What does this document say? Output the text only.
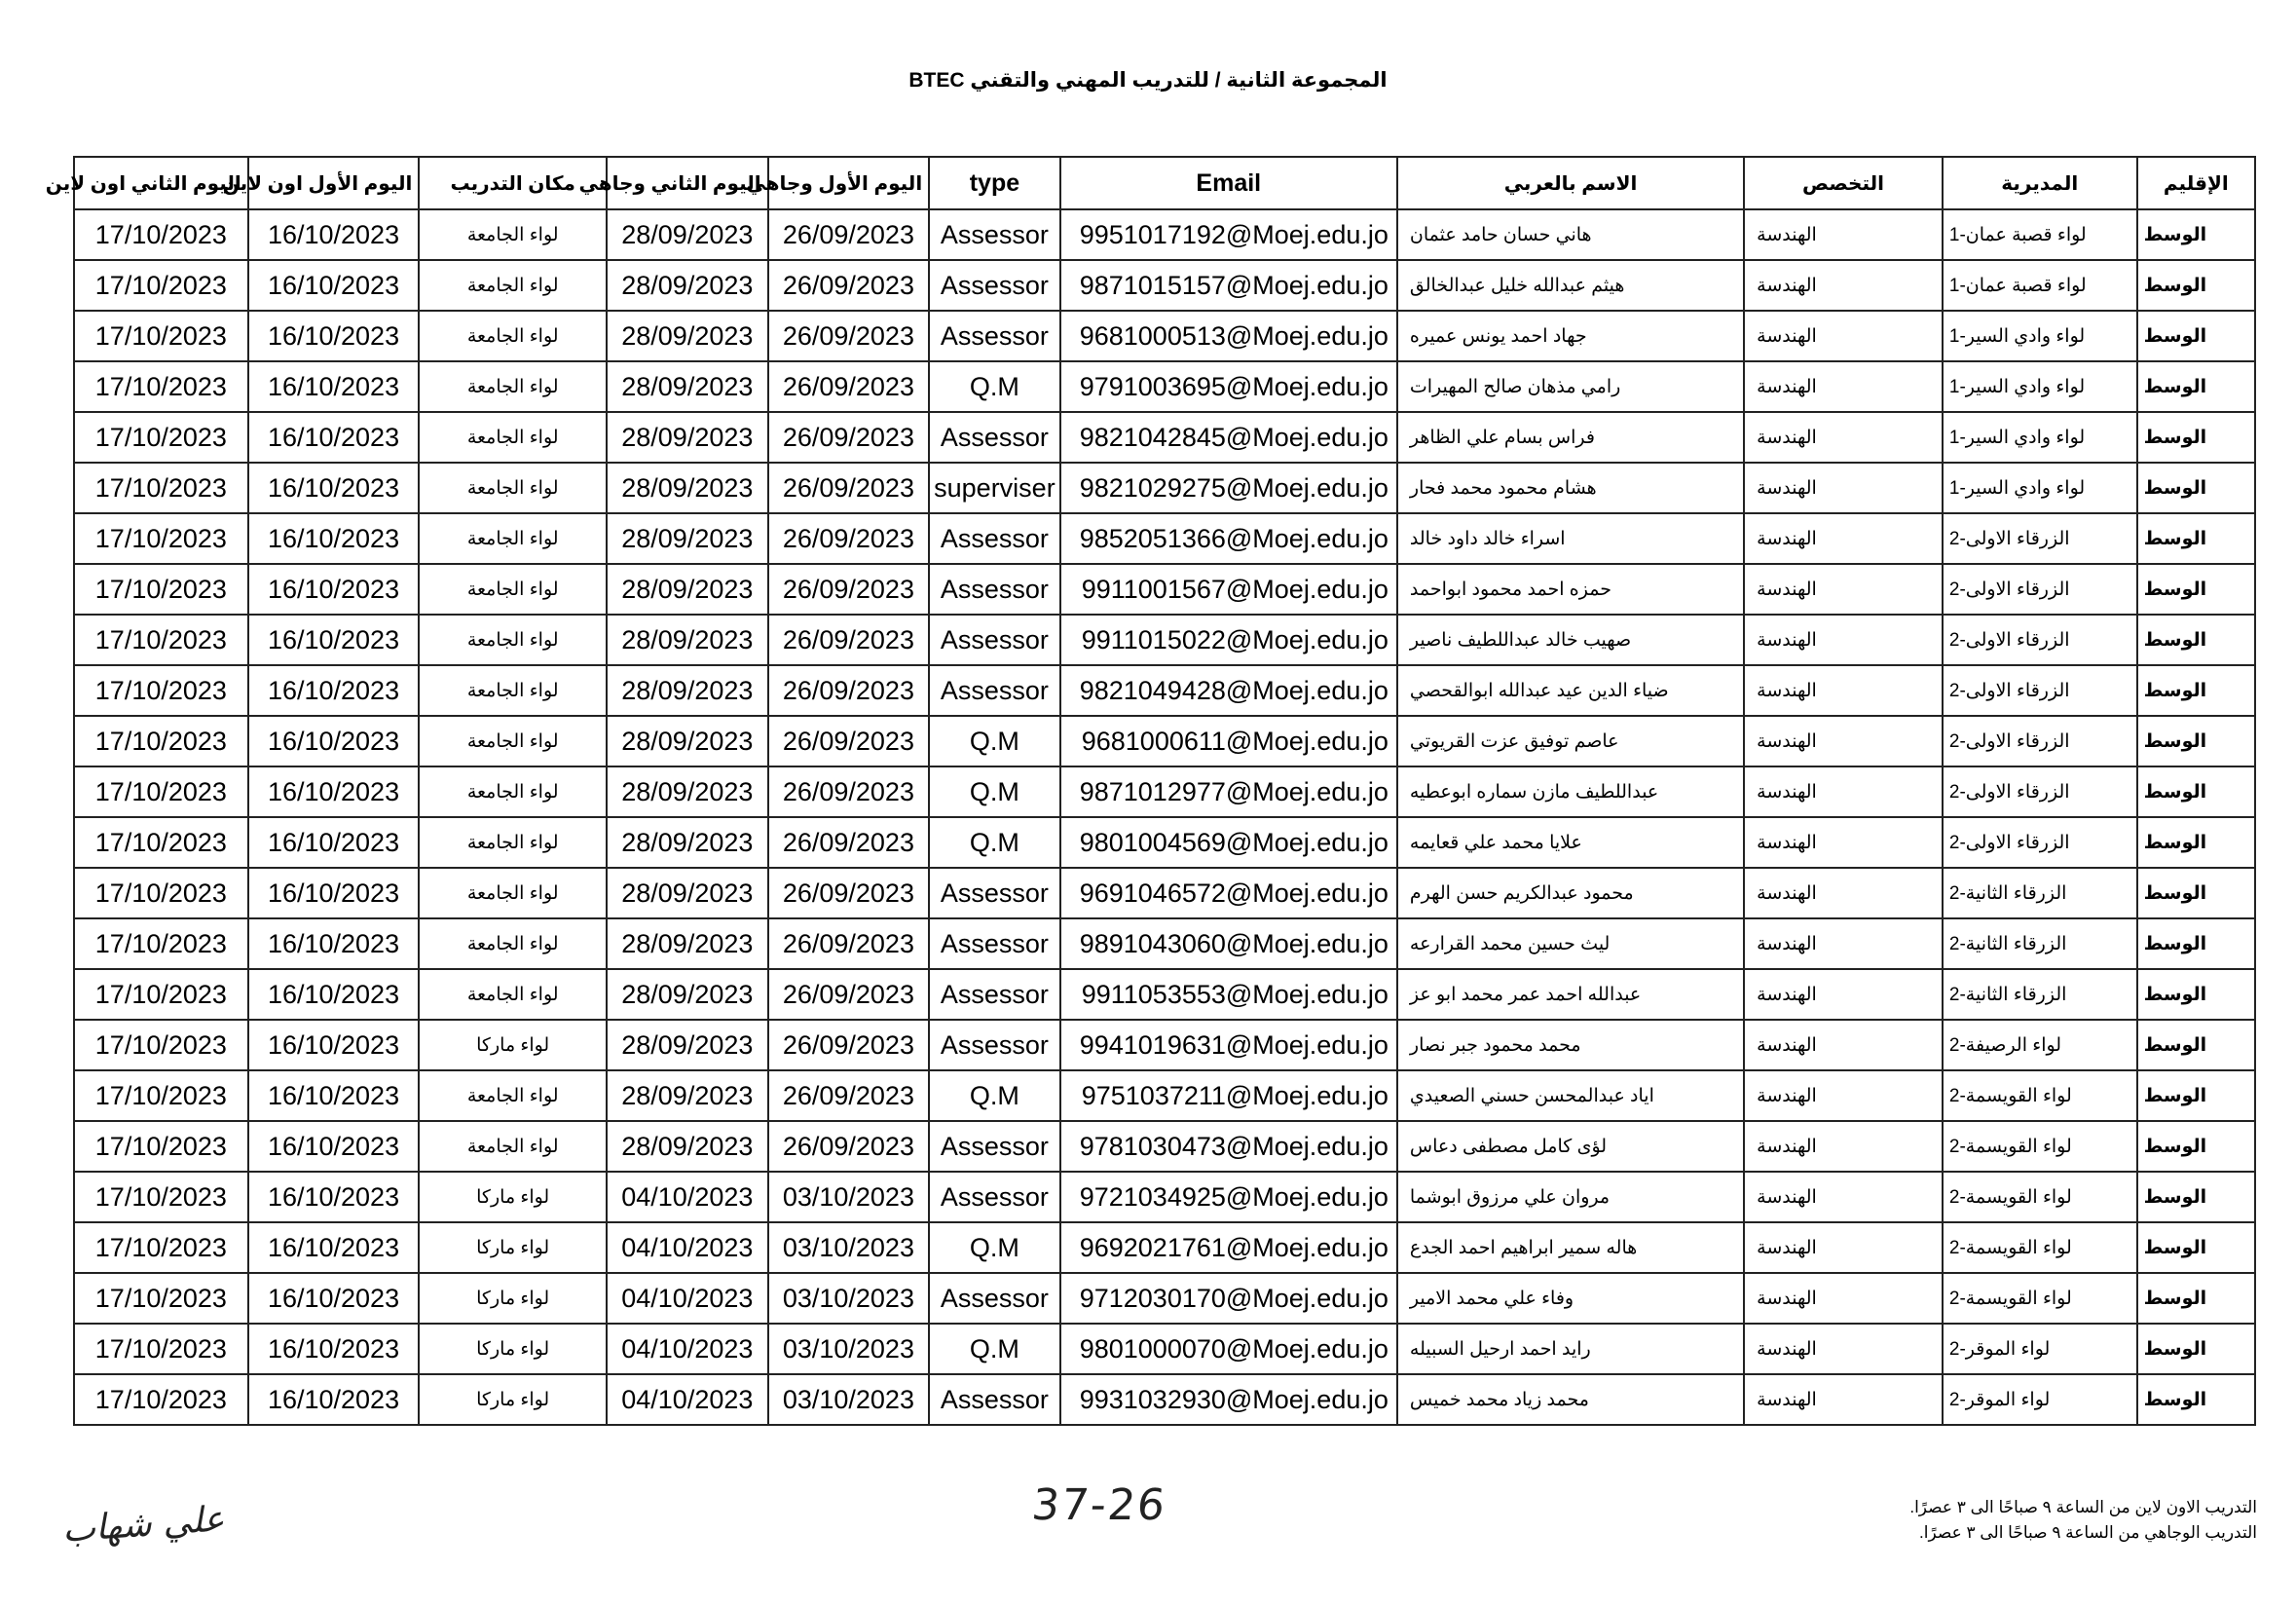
المجموعة الثانية / للتدريب المهني والتقني BTEC
الإقليم	المديرية	التخصص	الاسم بالعربي	Email	type	اليوم الأول وجاهي	اليوم الثاني وجاهي	مكان التدريب	اليوم الأول اون لاين	اليوم الثاني اون لاين
الوسط	لواء قصبة عمان-1	الهندسة	هاني حسان حامد عثمان	9951017192@Moej.edu.jo	Assessor	26/09/2023	28/09/2023	لواء الجامعة	16/10/2023	17/10/2023
الوسط	لواء قصبة عمان-1	الهندسة	هيثم عبدالله خليل عبدالخالق	9871015157@Moej.edu.jo	Assessor	26/09/2023	28/09/2023	لواء الجامعة	16/10/2023	17/10/2023
الوسط	لواء وادي السير-1	الهندسة	جهاد احمد يونس عميره	9681000513@Moej.edu.jo	Assessor	26/09/2023	28/09/2023	لواء الجامعة	16/10/2023	17/10/2023
الوسط	لواء وادي السير-1	الهندسة	رامي مذهان صالح المهيرات	9791003695@Moej.edu.jo	Q.M	26/09/2023	28/09/2023	لواء الجامعة	16/10/2023	17/10/2023
الوسط	لواء وادي السير-1	الهندسة	فراس بسام علي الظاهر	9821042845@Moej.edu.jo	Assessor	26/09/2023	28/09/2023	لواء الجامعة	16/10/2023	17/10/2023
الوسط	لواء وادي السير-1	الهندسة	هشام محمود محمد فحار	9821029275@Moej.edu.jo	superviser	26/09/2023	28/09/2023	لواء الجامعة	16/10/2023	17/10/2023
الوسط	الزرقاء الاولى-2	الهندسة	اسراء خالد داود خالد	9852051366@Moej.edu.jo	Assessor	26/09/2023	28/09/2023	لواء الجامعة	16/10/2023	17/10/2023
الوسط	الزرقاء الاولى-2	الهندسة	حمزه احمد محمود ابواحمد	9911001567@Moej.edu.jo	Assessor	26/09/2023	28/09/2023	لواء الجامعة	16/10/2023	17/10/2023
الوسط	الزرقاء الاولى-2	الهندسة	صهيب خالد عبداللطيف ناصير	9911015022@Moej.edu.jo	Assessor	26/09/2023	28/09/2023	لواء الجامعة	16/10/2023	17/10/2023
الوسط	الزرقاء الاولى-2	الهندسة	ضياء الدين عيد عبدالله ابوالقحصي	9821049428@Moej.edu.jo	Assessor	26/09/2023	28/09/2023	لواء الجامعة	16/10/2023	17/10/2023
الوسط	الزرقاء الاولى-2	الهندسة	عاصم توفيق عزت القريوتي	9681000611@Moej.edu.jo	Q.M	26/09/2023	28/09/2023	لواء الجامعة	16/10/2023	17/10/2023
الوسط	الزرقاء الاولى-2	الهندسة	عبداللطيف مازن سماره ابوعطيه	9871012977@Moej.edu.jo	Q.M	26/09/2023	28/09/2023	لواء الجامعة	16/10/2023	17/10/2023
الوسط	الزرقاء الاولى-2	الهندسة	علايا محمد علي قعايمه	9801004569@Moej.edu.jo	Q.M	26/09/2023	28/09/2023	لواء الجامعة	16/10/2023	17/10/2023
الوسط	الزرقاء الثانية-2	الهندسة	محمود عبدالكريم حسن الهرم	9691046572@Moej.edu.jo	Assessor	26/09/2023	28/09/2023	لواء الجامعة	16/10/2023	17/10/2023
الوسط	الزرقاء الثانية-2	الهندسة	ليث حسين محمد القرارعه	9891043060@Moej.edu.jo	Assessor	26/09/2023	28/09/2023	لواء الجامعة	16/10/2023	17/10/2023
الوسط	الزرقاء الثانية-2	الهندسة	عبدالله احمد عمر محمد ابو عز	9911053553@Moej.edu.jo	Assessor	26/09/2023	28/09/2023	لواء الجامعة	16/10/2023	17/10/2023
الوسط	لواء الرصيفة-2	الهندسة	محمد محمود جبر نصار	9941019631@Moej.edu.jo	Assessor	26/09/2023	28/09/2023	لواء ماركا	16/10/2023	17/10/2023
الوسط	لواء القويسمة-2	الهندسة	اياد عبدالمحسن حسني الصعيدي	9751037211@Moej.edu.jo	Q.M	26/09/2023	28/09/2023	لواء الجامعة	16/10/2023	17/10/2023
الوسط	لواء القويسمة-2	الهندسة	لؤى كامل مصطفى دعاس	9781030473@Moej.edu.jo	Assessor	26/09/2023	28/09/2023	لواء الجامعة	16/10/2023	17/10/2023
الوسط	لواء القويسمة-2	الهندسة	مروان علي مرزوق ابوشما	9721034925@Moej.edu.jo	Assessor	03/10/2023	04/10/2023	لواء ماركا	16/10/2023	17/10/2023
الوسط	لواء القويسمة-2	الهندسة	هاله سمير ابراهيم احمد الجدع	9692021761@Moej.edu.jo	Q.M	03/10/2023	04/10/2023	لواء ماركا	16/10/2023	17/10/2023
الوسط	لواء القويسمة-2	الهندسة	وفاء علي محمد الامير	9712030170@Moej.edu.jo	Assessor	03/10/2023	04/10/2023	لواء ماركا	16/10/2023	17/10/2023
الوسط	لواء الموقر-2	الهندسة	رايد احمد ارحيل السبيله	9801000070@Moej.edu.jo	Q.M	03/10/2023	04/10/2023	لواء ماركا	16/10/2023	17/10/2023
الوسط	لواء الموقر-2	الهندسة	محمد زياد محمد خميس	9931032930@Moej.edu.jo	Assessor	03/10/2023	04/10/2023	لواء ماركا	16/10/2023	17/10/2023
37-26
علي شهاب	التدريب الاون لاين من الساعة ٩ صباحًا الى ٣ عصرًا.
التدريب الوجاهي من الساعة ٩ صباحًا الى ٣ عصرًا.
